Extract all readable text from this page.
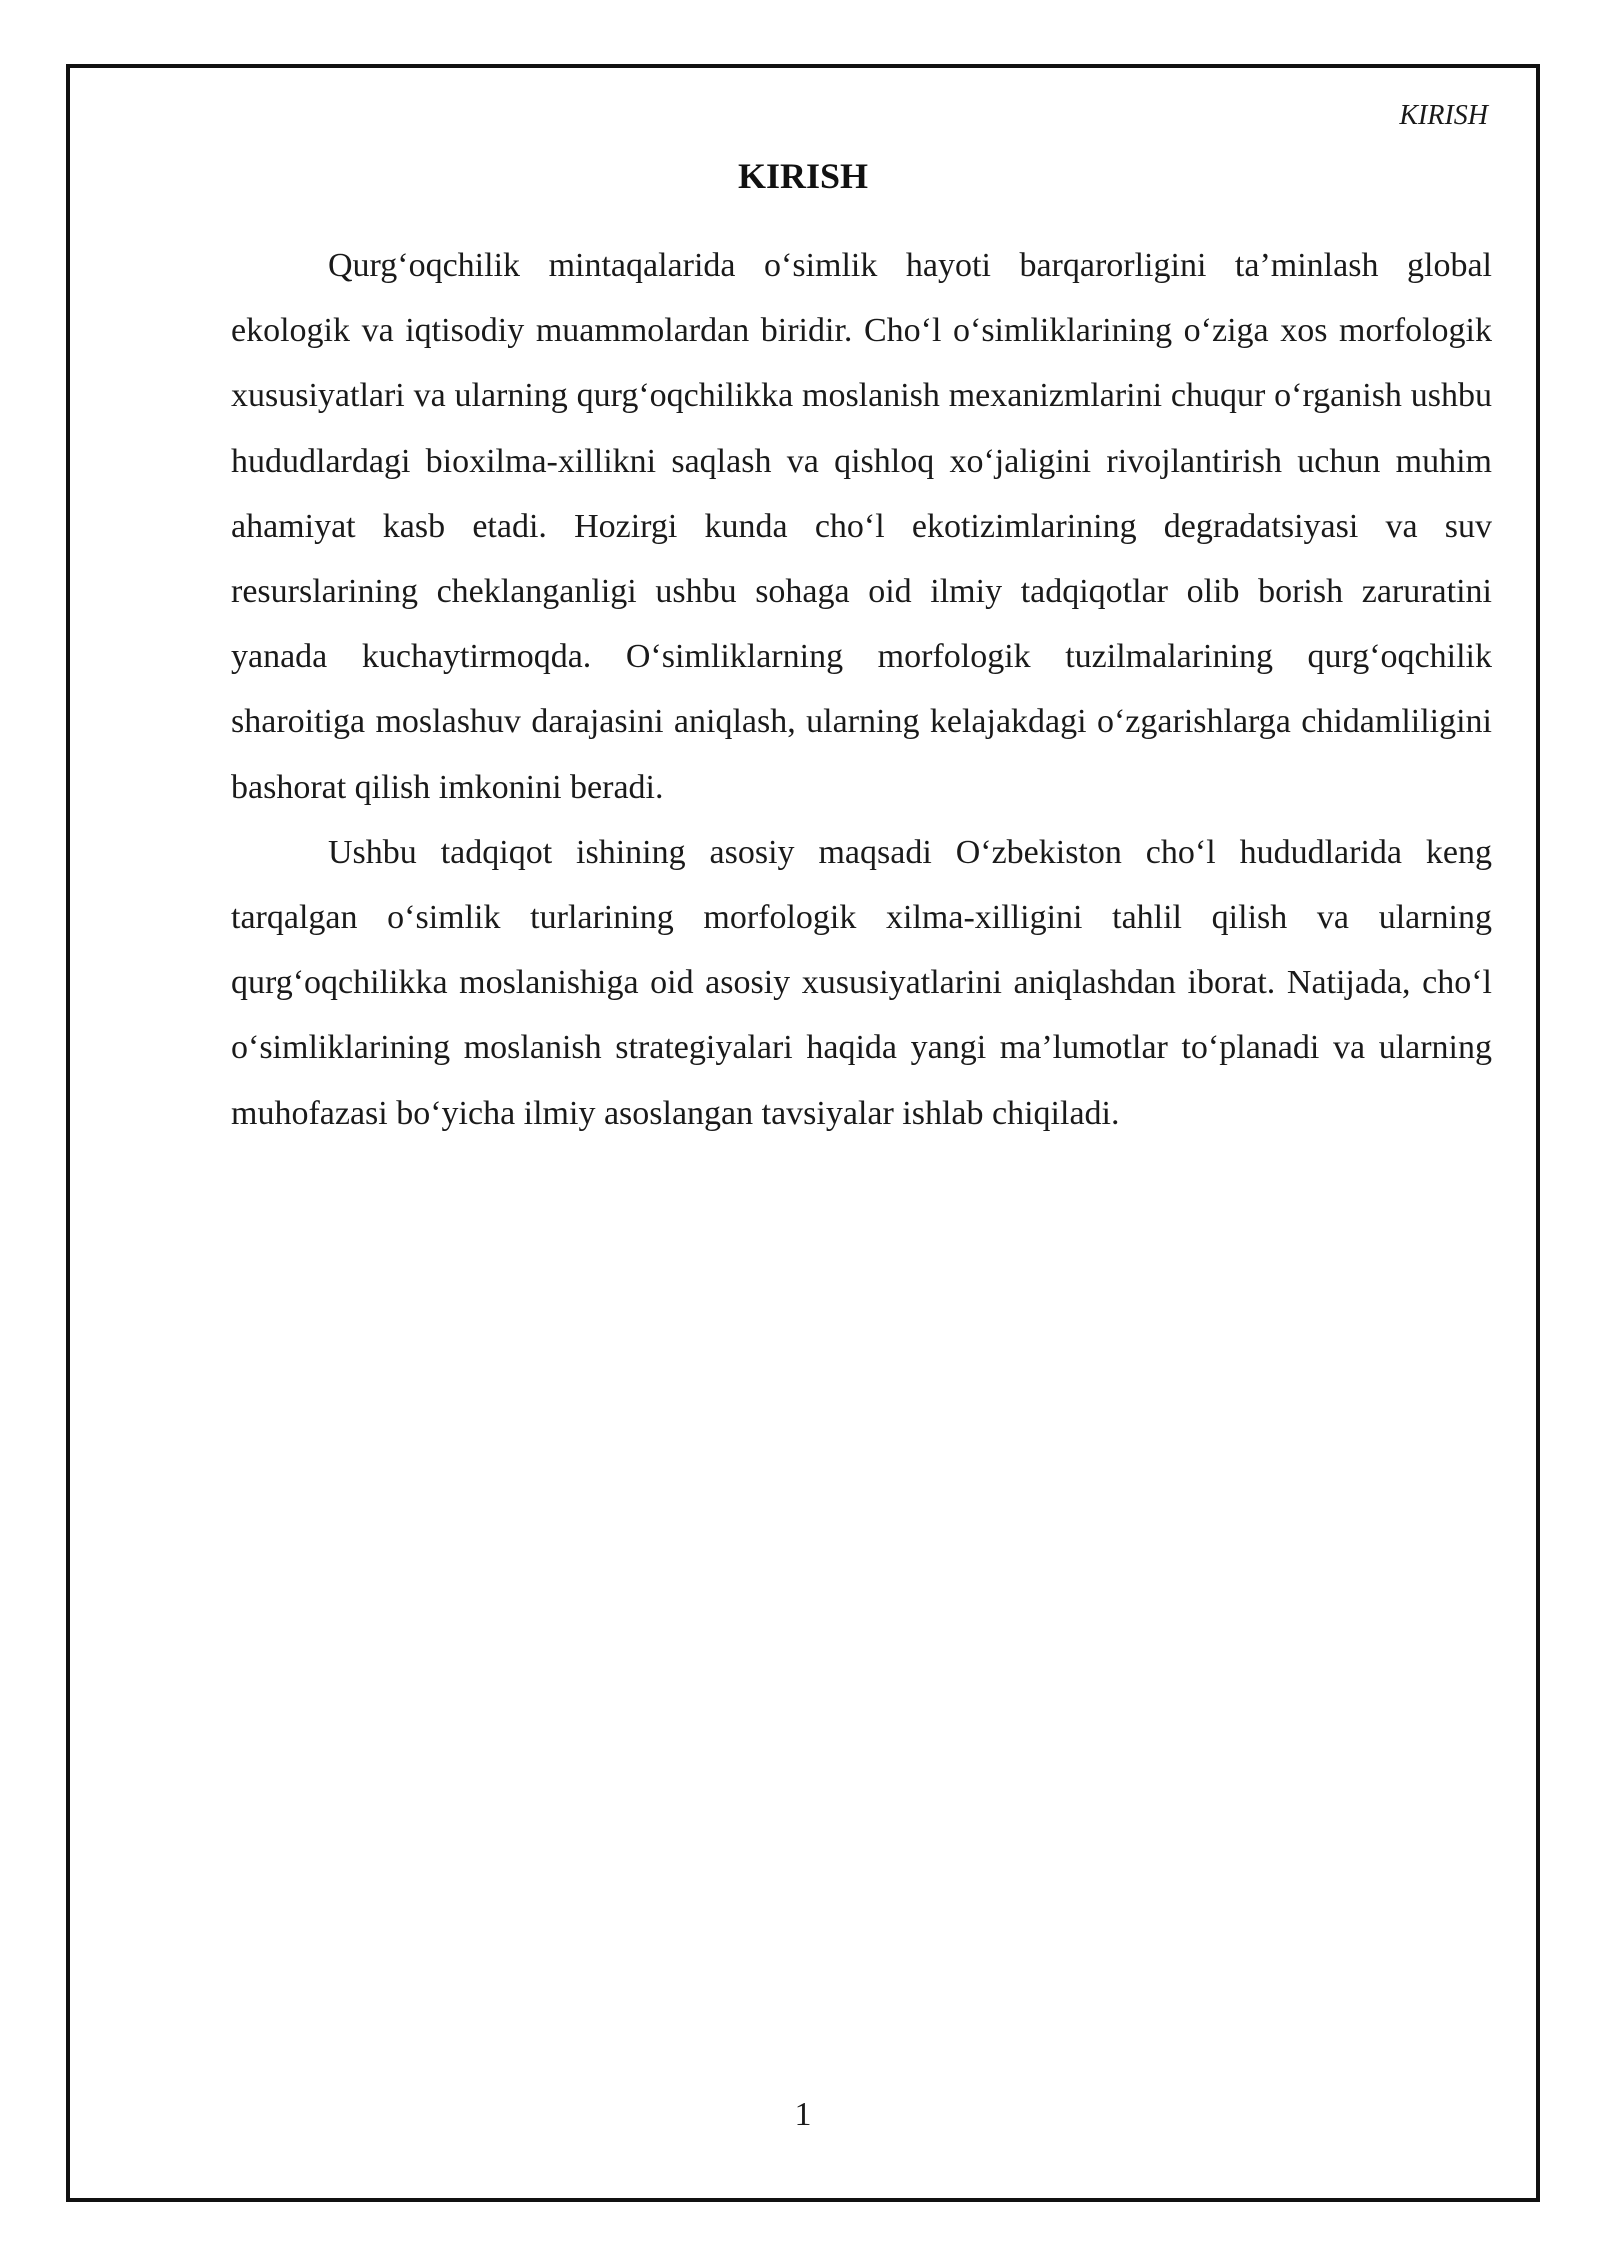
KIRISH
KIRISH

Qurg‘oqchilik mintaqalarida o‘simlik hayoti barqarorligini ta’minlash global ekologik va iqtisodiy muammolardan biridir. Cho‘l o‘simliklarining o‘ziga xos morfologik xususiyatlari va ularning qurg‘oqchilikka moslanish mexanizmlarini chuqur o‘rganish ushbu hududlardagi bioxilma-xillikni saqlash va qishloq xo‘jaligini rivojlantirish uchun muhim ahamiyat kasb etadi. Hozirgi kunda cho‘l ekotizimlarining degradatsiyasi va suv resurslarining cheklanganligi ushbu sohaga oid ilmiy tadqiqotlar olib borish zaruratini yanada kuchaytirmoqda. O‘simliklarning morfologik tuzilmalarining qurg‘oqchilik sharoitiga moslashuv darajasini aniqlash, ularning kelajakdagi o‘zgarishlarga chidamliligini bashorat qilish imkonini beradi.

Ushbu tadqiqot ishining asosiy maqsadi O‘zbekiston cho‘l hududlarida keng tarqalgan o‘simlik turlarining morfologik xilma-xilligini tahlil qilish va ularning qurg‘oqchilikka moslanishiga oid asosiy xususiyatlarini aniqlashdan iborat. Natijada, cho‘l o‘simliklarining moslanish strategiyalari haqida yangi ma’lumotlar to‘planadi va ularning muhofazasi bo‘yicha ilmiy asoslangan tavsiyalar ishlab chiqiladi.

1
